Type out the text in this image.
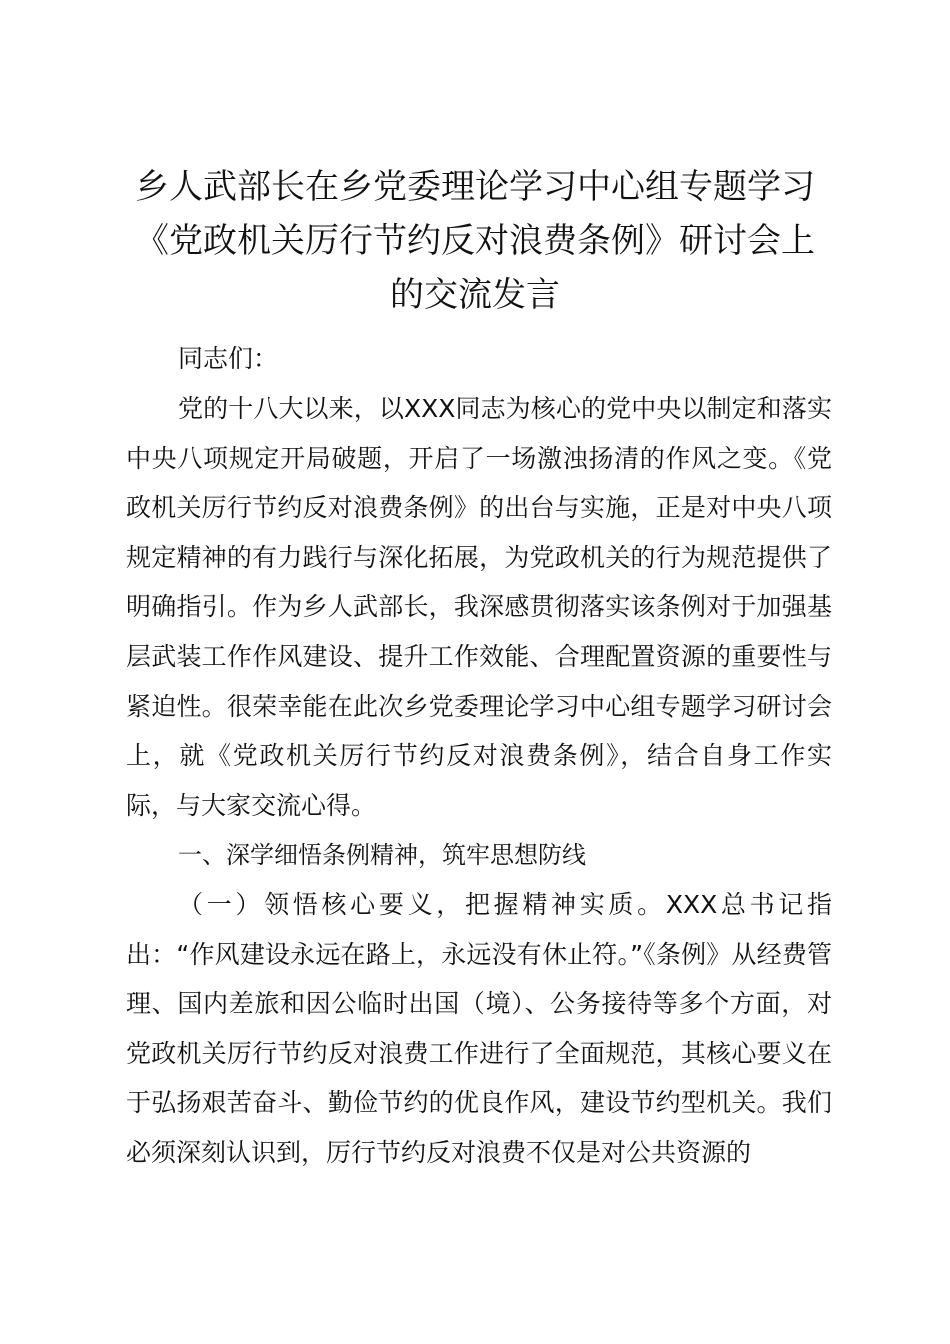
乡人武部长在乡党委理论学习中心组专题学习
《党政机关厉行节约反对浪费条例》研讨会上
的交流发言

同志们：

党的十八大以来，以XXX同志为核心的党中央以制定和落实中央八项规定开局破题，开启了一场激浊扬清的作风之变。《党政机关厉行节约反对浪费条例》的出台与实施，正是对中央八项规定精神的有力践行与深化拓展，为党政机关的行为规范提供了明确指引。作为乡人武部长，我深感贯彻落实该条例对于加强基层武装工作作风建设、提升工作效能、合理配置资源的重要性与紧迫性。很荣幸能在此次乡党委理论学习中心组专题学习研讨会上，就《党政机关厉行节约反对浪费条例》，结合自身工作实际，与大家交流心得。

一、深学细悟条例精神，筑牢思想防线

（一）领悟核心要义，把握精神实质。XXX总书记指出：“作风建设永远在路上，永远没有休止符。”《条例》从经费管理、国内差旅和因公临时出国（境）、公务接待等多个方面，对党政机关厉行节约反对浪费工作进行了全面规范，其核心要义在于弘扬艰苦奋斗、勤俭节约的优良作风，建设节约型机关。我们必须深刻认识到，厉行节约反对浪费不仅是对公共资源的
